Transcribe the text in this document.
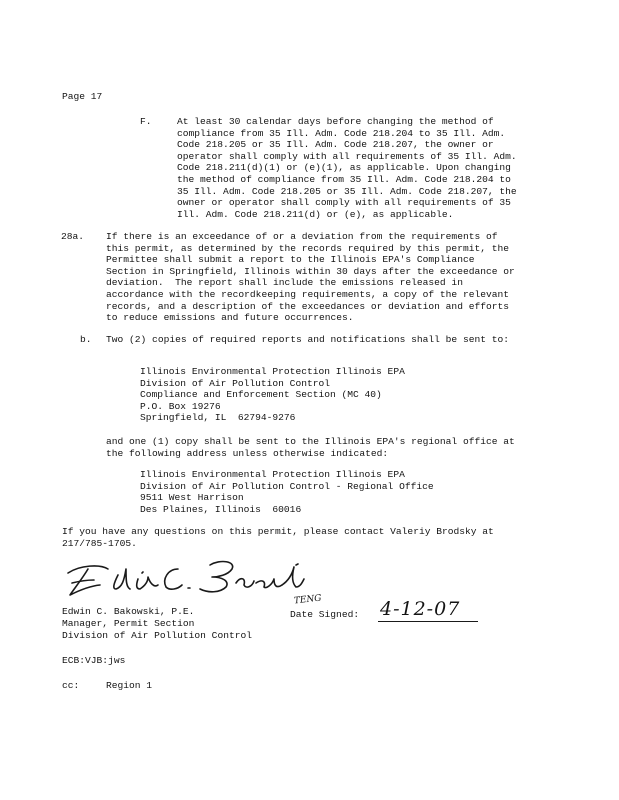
Page 17
F.	At least 30 calendar days before changing the method of
compliance from 35 Ill. Adm. Code 218.204 to 35 Ill. Adm.
Code 218.205 or 35 Ill. Adm. Code 218.207, the owner or
operator shall comply with all requirements of 35 Ill. Adm.
Code 218.211(d)(1) or (e)(1), as applicable. Upon changing
the method of compliance from 35 Ill. Adm. Code 218.204 to
35 Ill. Adm. Code 218.205 or 35 Ill. Adm. Code 218.207, the
owner or operator shall comply with all requirements of 35
Ill. Adm. Code 218.211(d) or (e), as applicable.
28a. If there is an exceedance of or a deviation from the requirements of
this permit, as determined by the records required by this permit, the
Permittee shall submit a report to the Illinois EPA's Compliance
Section in Springfield, Illinois within 30 days after the exceedance or
deviation.  The report shall include the emissions released in
accordance with the recordkeeping requirements, a copy of the relevant
records, and a description of the exceedances or deviation and efforts
to reduce emissions and future occurrences.
b. Two (2) copies of required reports and notifications shall be sent to:
Illinois Environmental Protection Illinois EPA
Division of Air Pollution Control
Compliance and Enforcement Section (MC 40)
P.O. Box 19276
Springfield, IL  62794-9276
and one (1) copy shall be sent to the Illinois EPA's regional office at
the following address unless otherwise indicated:
Illinois Environmental Protection Illinois EPA
Division of Air Pollution Control - Regional Office
9511 West Harrison
Des Plaines, Illinois  60016
If you have any questions on this permit, please contact Valeriy Brodsky at
217/785-1705.
TENG
Edwin C. Bakowski, P.E.
Manager, Permit Section
Division of Air Pollution Control
Date Signed: 4-12-07
ECB:VJB:jws
cc:	Region 1
